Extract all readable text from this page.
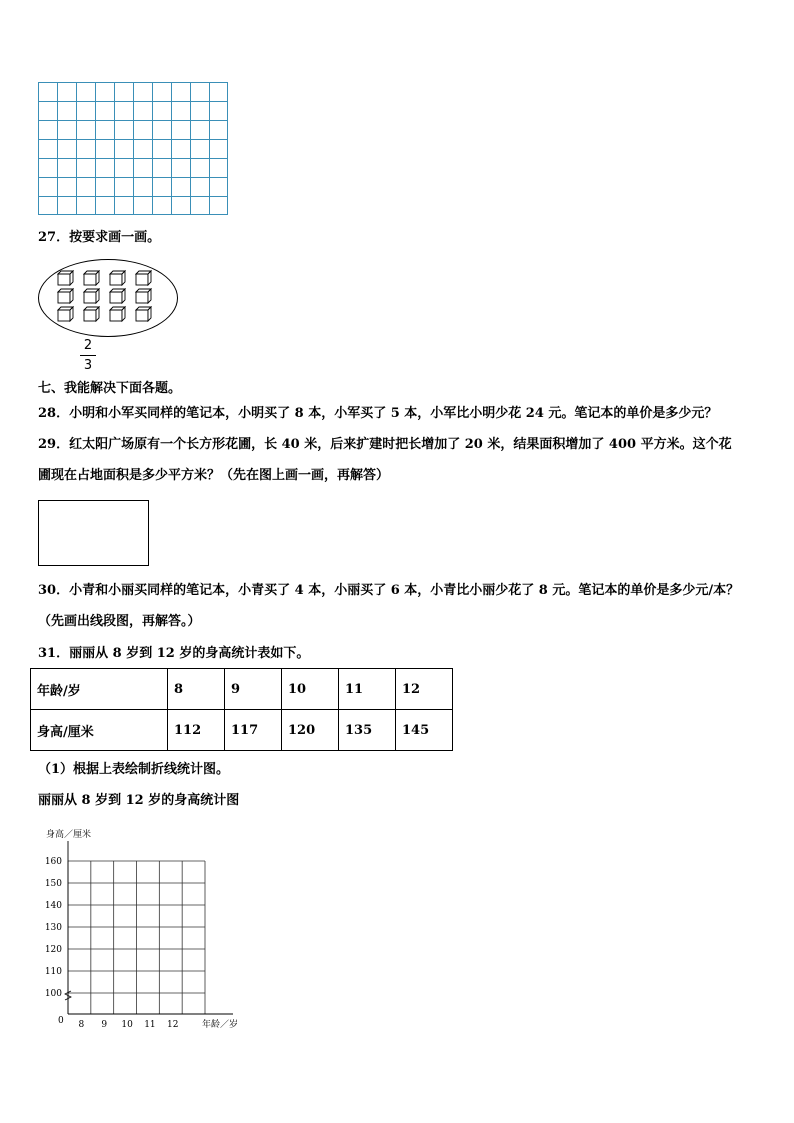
27．按要求画一画。
2
3
七、我能解决下面各题。
28．小明和小军买同样的笔记本，小明买了 8 本，小军买了 5 本，小军比小明少花 24 元。笔记本的单价是多少元？
29．红太阳广场原有一个长方形花圃，长 40 米，后来扩建时把长增加了 20 米，结果面积增加了 400 平方米。这个花
圃现在占地面积是多少平方米？（先在图上画一画，再解答）
30．小青和小丽买同样的笔记本，小青买了 4 本，小丽买了 6 本，小青比小丽少花了 8 元。笔记本的单价是多少元/本？
（先画出线段图，再解答。）
31．丽丽从 8 岁到 12 岁的身高统计表如下。
年龄/岁	8	9	10	11	12
身高/厘米	112	117	120	135	145
（1）根据上表绘制折线统计图。
丽丽从 8 岁到 12 岁的身高统计图
160
150
140
130
120
110
100
身高／厘米
0 8 9 10 11 12	年龄／岁
